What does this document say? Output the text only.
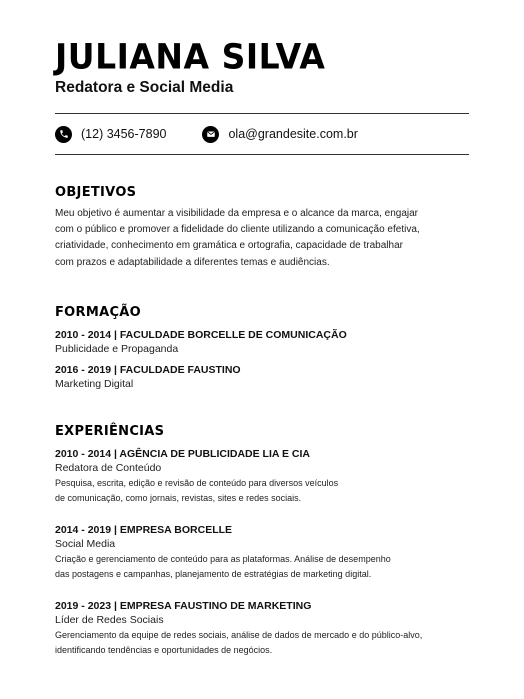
JULIANA SILVA
Redatora e Social Media
(12) 3456-7890	ola@grandesite.com.br
OBJETIVOS
Meu objetivo é aumentar a visibilidade da empresa e o alcance da marca, engajar
com o público e promover a fidelidade do cliente utilizando a comunicação efetiva,
criatividade, conhecimento em gramática e ortografia, capacidade de trabalhar
com prazos e adaptabilidade a diferentes temas e audiências.
FORMAÇÃO
2010 - 2014 | FACULDADE BORCELLE DE COMUNICAÇÃO
Publicidade e Propaganda
2016 - 2019 | FACULDADE FAUSTINO
Marketing Digital
EXPERIÊNCIAS
2010 - 2014 | AGÊNCIA DE PUBLICIDADE LIA E CIA
Redatora de Conteúdo
Pesquisa, escrita, edição e revisão de conteúdo para diversos veículos
de comunicação, como jornais, revistas, sites e redes sociais.
2014 - 2019 | EMPRESA BORCELLE
Social Media
Criação e gerenciamento de conteúdo para as plataformas. Análise de desempenho
das postagens e campanhas, planejamento de estratégias de marketing digital.
2019 - 2023 | EMPRESA FAUSTINO DE MARKETING
Líder de Redes Sociais
Gerenciamento da equipe de redes sociais, análise de dados de mercado e do público-alvo,
identificando tendências e oportunidades de negócios.
